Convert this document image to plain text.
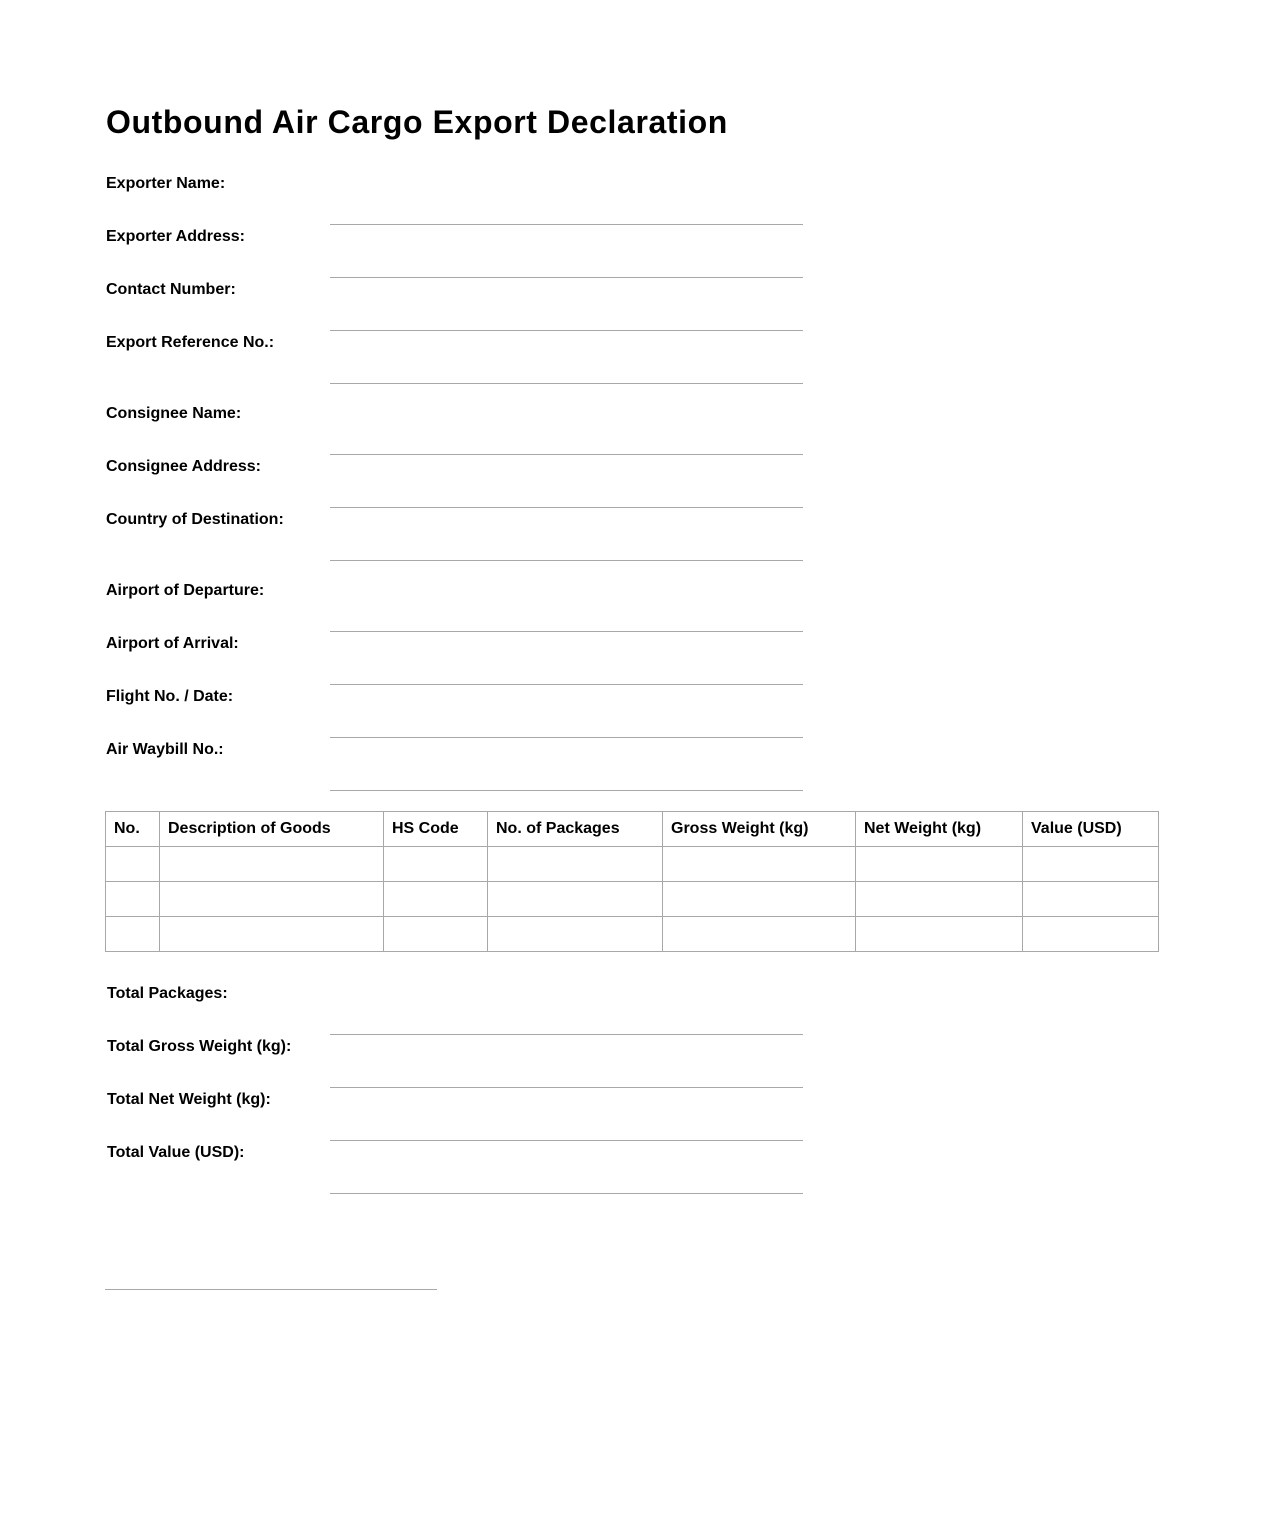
Outbound Air Cargo Export Declaration
Exporter Name:
Exporter Address:
Contact Number:
Export Reference No.:
Consignee Name:
Consignee Address:
Country of Destination:
Airport of Departure:
Airport of Arrival:
Flight No. / Date:
Air Waybill No.:
No.	Description of Goods	HS Code	No. of Packages	Gross Weight (kg)	Net Weight (kg)	Value (USD)

Total Packages:
Total Gross Weight (kg):
Total Net Weight (kg):
Total Value (USD):
